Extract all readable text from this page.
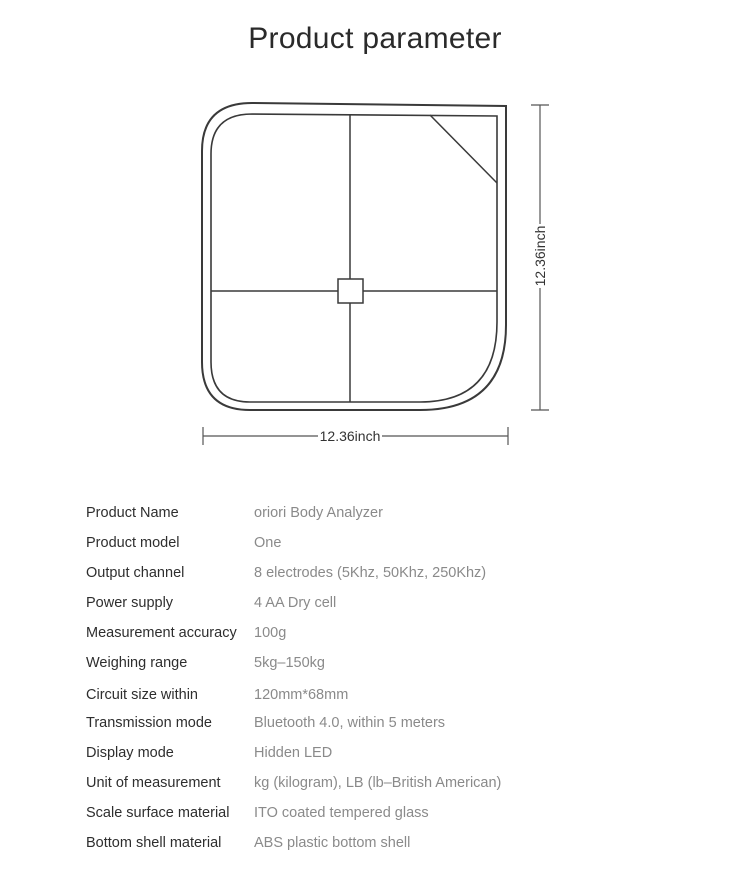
Product parameter
12.36inch
12.36inch
Product Name	oriori Body Analyzer
Product model	One
Output channel	8 electrodes (5Khz, 50Khz, 250Khz)
Power supply	4 AA Dry cell
Measurement accuracy	100g
Weighing range	5kg–150kg
Circuit size within	120mm*68mm
Transmission mode	Bluetooth 4.0, within 5 meters
Display mode	Hidden LED
Unit of measurement	kg (kilogram), LB (lb–British American)
Scale surface material	ITO coated tempered glass
Bottom shell material	ABS plastic bottom shell
